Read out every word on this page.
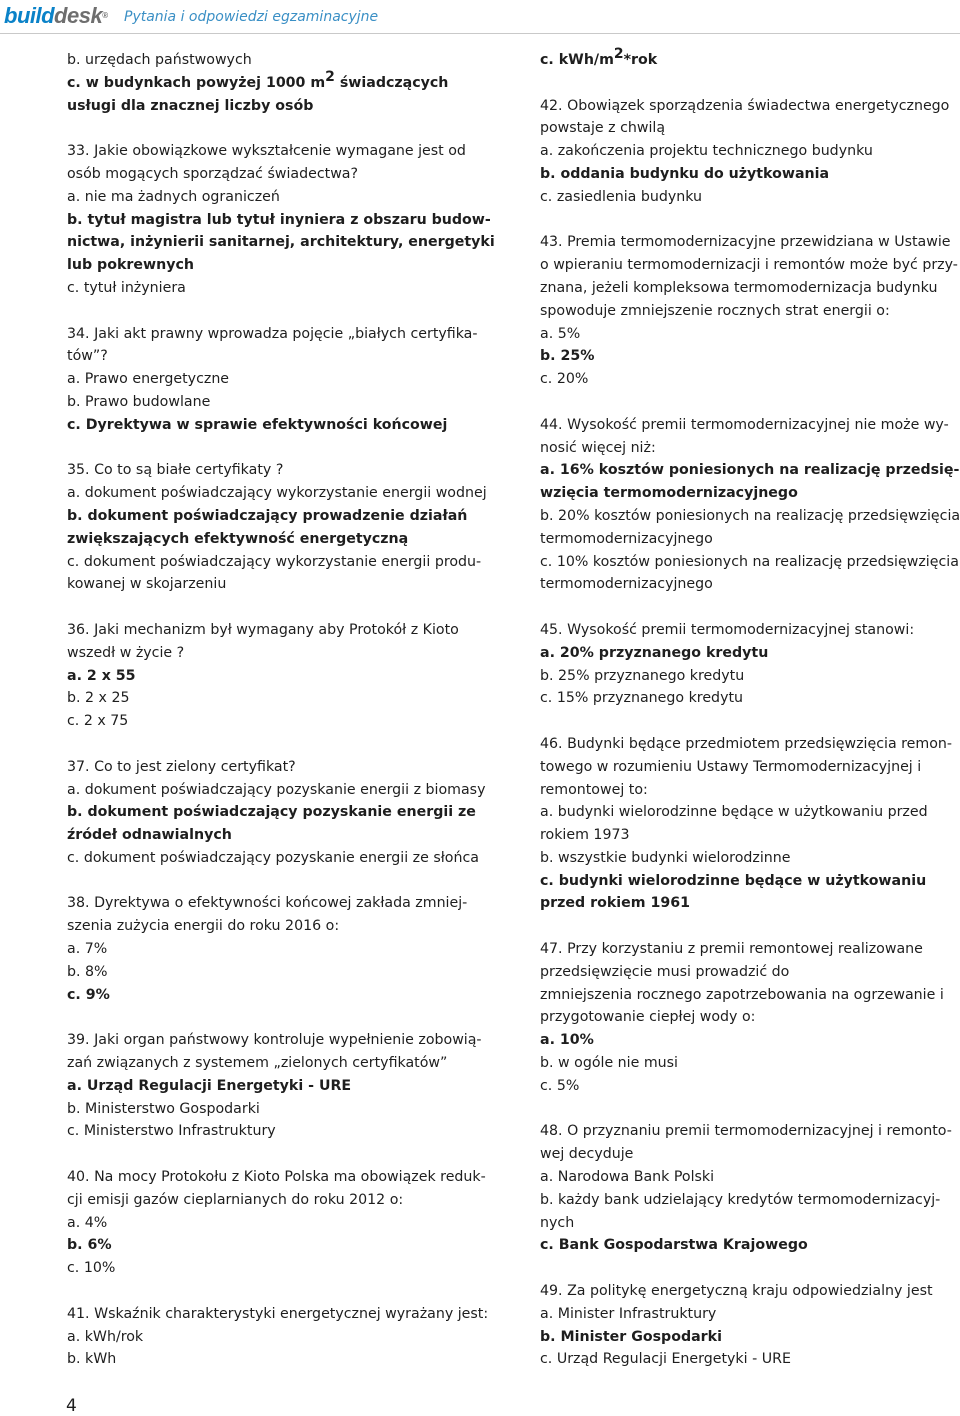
builddesk® Pytania i odpowiedzi egzaminacyjne
b. urzędach państwowych
c. w budynkach powyżej 1000 $m^2$ świadczących
usługi dla znacznej liczby osób
33. Jakie obowiązkowe wykształcenie wymagane jest od
osób mogących sporządzać świadectwa?
a. nie ma żadnych ograniczeń
b. tytuł magistra lub tytuł inyniera z obszaru budow-
nictwa, inżynierii sanitarnej, architektury, energetyki
lub pokrewnych
c. tytuł inżyniera
34. Jaki akt prawny wprowadza pojęcie „białych certyfika-
tów”?
a. Prawo energetyczne
b. Prawo budowlane
c. Dyrektywa w sprawie efektywności końcowej
35. Co to są białe certyfikaty ?
a. dokument poświadczający wykorzystanie energii wodnej
b. dokument poświadczający prowadzenie działań
zwiększających efektywność energetyczną
c. dokument poświadczający wykorzystanie energii produ-
kowanej w skojarzeniu
36. Jaki mechanizm był wymagany aby Protokół z Kioto
wszedł w życie ?
a. 2 x 55
b. 2 x 25
c. 2 x 75
37. Co to jest zielony certyfikat?
a. dokument poświadczający pozyskanie energii z biomasy
b. dokument poświadczający pozyskanie energii ze
źródeł odnawialnych
c. dokument poświadczający pozyskanie energii ze słońca
38. Dyrektywa o efektywności końcowej zakłada zmniej-
szenia zużycia energii do roku 2016 o:
a. 7%
b. 8%
c. 9%
39. Jaki organ państwowy kontroluje wypełnienie zobowią-
zań związanych z systemem „zielonych certyfikatów”
a. Urząd Regulacji Energetyki - URE
b. Ministerstwo Gospodarki
c. Ministerstwo Infrastruktury
40. Na mocy Protokołu z Kioto Polska ma obowiązek reduk-
cji emisji gazów cieplarnianych do roku 2012 o:
a. 4%
b. 6%
c. 10%
41. Wskaźnik charakterystyki energetycznej wyrażany jest:
a. kWh/rok
b. kWh
c. kWh/$m^2*rok$
42. Obowiązek sporządzenia świadectwa energetycznego
powstaje z chwilą
a. zakończenia projektu technicznego budynku
b. oddania budynku do użytkowania
c. zasiedlenia budynku
43. Premia termomodernizacyjne przewidziana w Ustawie
o wpieraniu termomodernizacji i remontów może być przy-
znana, jeżeli kompleksowa termomodernizacja budynku
spowoduje zmniejszenie rocznych strat energii o:
a. 5%
b. 25%
c. 20%
44. Wysokość premii termomodernizacyjnej nie może wy-
nosić więcej niż:
a. 16% kosztów poniesionych na realizację przedsię-
wzięcia termomodernizacyjnego
b. 20% kosztów poniesionych na realizację przedsięwzięcia
termomodernizacyjnego
c. 10% kosztów poniesionych na realizację przedsięwzięcia
termomodernizacyjnego
45. Wysokość premii termomodernizacyjnej stanowi:
a. 20% przyznanego kredytu
b. 25% przyznanego kredytu
c. 15% przyznanego kredytu
46. Budynki będące przedmiotem przedsięwzięcia remon-
towego w rozumieniu Ustawy Termomodernizacyjnej i
remontowej to:
a. budynki wielorodzinne będące w użytkowaniu przed
rokiem 1973
b. wszystkie budynki wielorodzinne
c. budynki wielorodzinne będące w użytkowaniu
przed rokiem 1961
47. Przy korzystaniu z premii remontowej realizowane
przedsięwzięcie musi prowadzić do
zmniejszenia rocznego zapotrzebowania na ogrzewanie i
przygotowanie ciepłej wody o:
a. 10%
b. w ogóle nie musi
c. 5%
48. O przyznaniu premii termomodernizacyjnej i remonto-
wej decyduje
a. Narodowa Bank Polski
b. każdy bank udzielający kredytów termomodernizacyj-
nych
c. Bank Gospodarstwa Krajowego
49. Za politykę energetyczną kraju odpowiedzialny jest
a. Minister Infrastruktury
b. Minister Gospodarki
c. Urząd Regulacji Energetyki - URE
4
